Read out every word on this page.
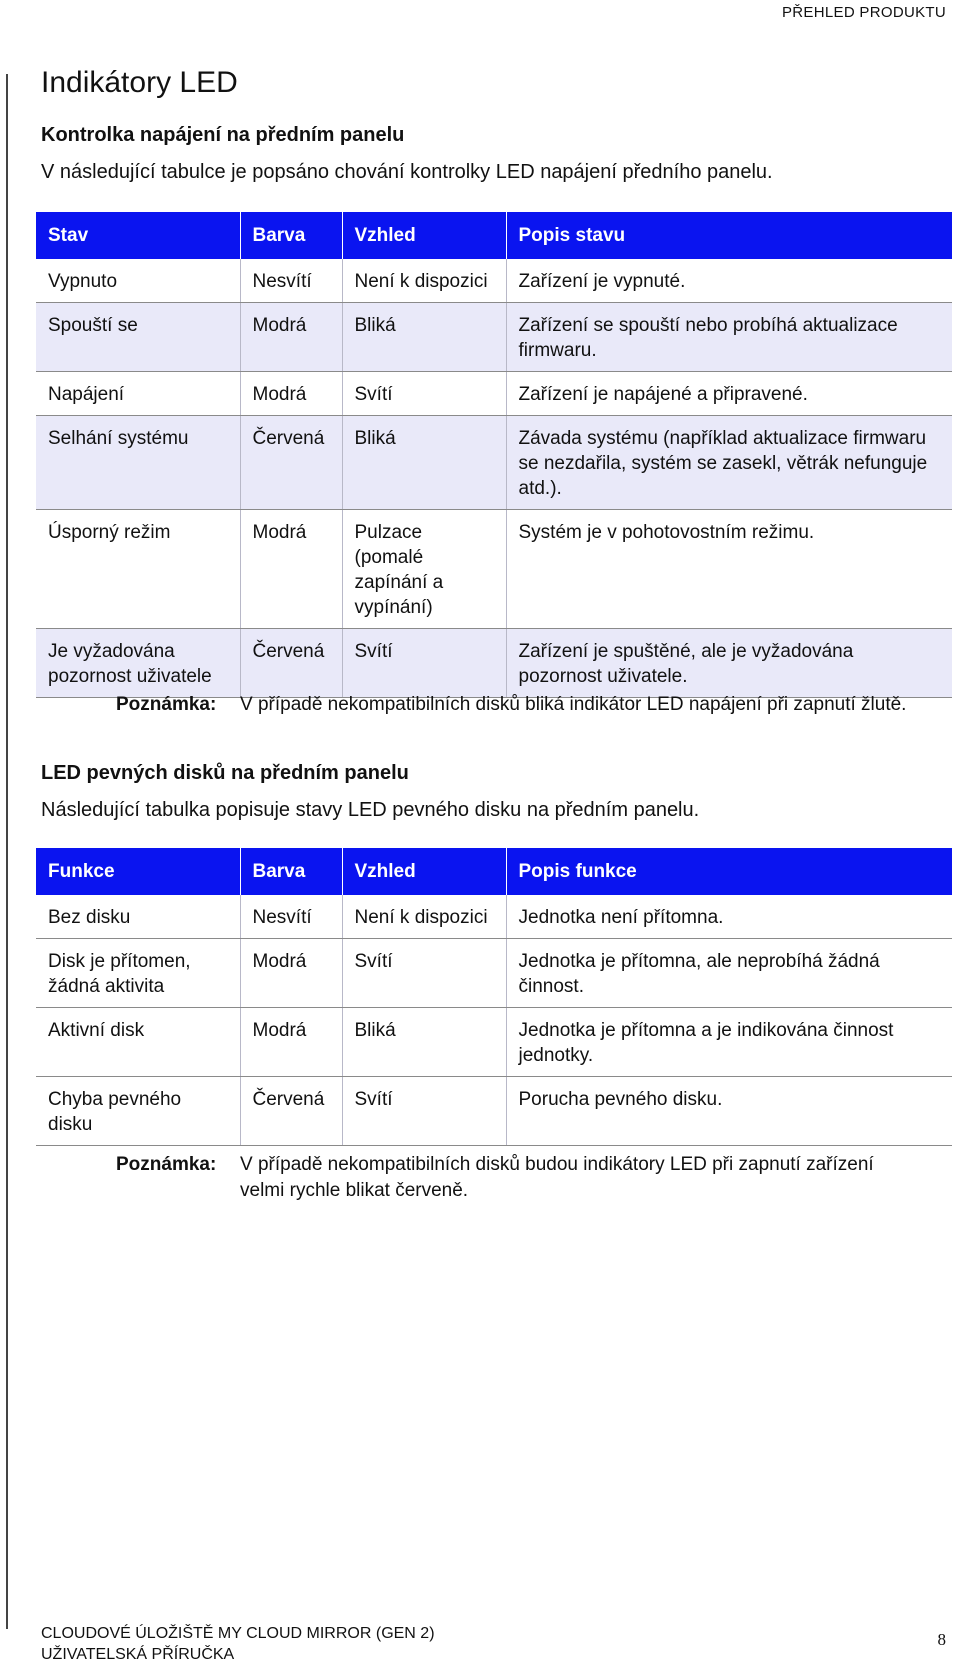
PŘEHLED PRODUKTU
Indikátory LED
Kontrolka napájení na předním panelu

V následující tabulce je popsáno chování kontrolky LED napájení předního panelu.

Stav	Barva	Vzhled	Popis stavu
Vypnuto	Nesvítí	Není k dispozici	Zařízení je vypnuté.
Spouští se	Modrá	Bliká	Zařízení se spouští nebo probíhá aktualizace firmwaru.
Napájení	Modrá	Svítí	Zařízení je napájené a připravené.
Selhání systému	Červená	Bliká	Závada systému (například aktualizace firmwaru se nezdařila, systém se zasekl, větrák nefunguje atd.).
Úsporný režim	Modrá	Pulzace (pomalé zapínání a vypínání)	Systém je v pohotovostním režimu.
Je vyžadována pozornost uživatele	Červená	Svítí	Zařízení je spuštěné, ale je vyžadována pozornost uživatele.
Poznámka: V případě nekompatibilních disků bliká indikátor LED napájení při zapnutí žlutě.
LED pevných disků na předním panelu

Následující tabulka popisuje stavy LED pevného disku na předním panelu.

Funkce	Barva	Vzhled	Popis funkce
Bez disku	Nesvítí	Není k dispozici	Jednotka není přítomna.
Disk je přítomen, žádná aktivita	Modrá	Svítí	Jednotka je přítomna, ale neprobíhá žádná činnost.
Aktivní disk	Modrá	Bliká	Jednotka je přítomna a je indikována činnost jednotky.
Chyba pevného disku	Červená	Svítí	Porucha pevného disku.
Poznámka: V případě nekompatibilních disků budou indikátory LED při zapnutí zařízení velmi rychle blikat červeně.
CLOUDOVÉ ÚLOŽIŠTĚ MY CLOUD MIRROR (GEN 2)
UŽIVATELSKÁ PŘÍRUČKA
8
